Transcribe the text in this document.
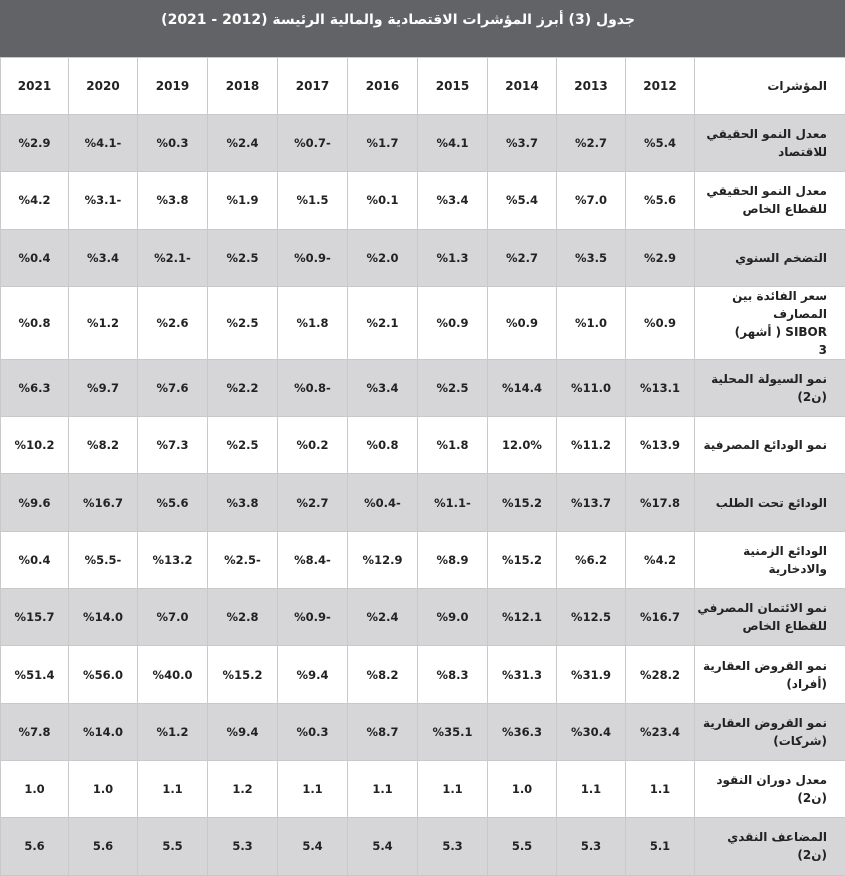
جدول (3) أبرز المؤشرات الاقتصادية والمالية الرئيسة (2012 - 2021)
2021	2020	2019	2018	2017	2016	2015	2014	2013	2012	المؤشرات
%2.9	%4.1-	%0.3	%2.4	%0.7-	%1.7	%4.1	%3.7	%2.7	%5.4	معدل النمو الحقيقي
للاقتصاد
%4.2	%3.1-	%3.8	%1.9	%1.5	%0.1	%3.4	%5.4	%7.0	%5.6	معدل النمو الحقيقي
للقطاع الخاص
%0.4	%3.4	%2.1-	%2.5	%0.9-	%2.0	%1.3	%2.7	%3.5	%2.9	التضخم السنوي
%0.8	%1.2	%2.6	%2.5	%1.8	%2.1	%0.9	%0.9	%1.0	%0.9	سعر الفائدة بين المصارف
SIBOR ( أشهر)
3
%6.3	%9.7	%7.6	%2.2	%0.8-	%3.4	%2.5	%14.4	%11.0	%13.1	نمو السيولة المحلية (ن2)
%10.2	%8.2	%7.3	%2.5	%0.2	%0.8	%1.8	12.0%	%11.2	%13.9	نمو الودائع المصرفية
%9.6	%16.7	%5.6	%3.8	%2.7	%0.4-	%1.1-	%15.2	%13.7	%17.8	الودائع تحت الطلب
%0.4	%5.5-	%13.2	%2.5-	%8.4-	%12.9	%8.9	%15.2	%6.2	%4.2	الودائع الزمنية والادخارية
%15.7	%14.0	%7.0	%2.8	%0.9-	%2.4	%9.0	%12.1	%12.5	%16.7	نمو الائتمان المصرفي
للقطاع الخاص
%51.4	%56.0	%40.0	%15.2	%9.4	%8.2	%8.3	%31.3	%31.9	%28.2	نمو القروض العقارية
(أفراد)
%7.8	%14.0	%1.2	%9.4	%0.3	%8.7	%35.1	%36.3	%30.4	%23.4	نمو القروض العقارية
(شركات)
1.0	1.0	1.1	1.2	1.1	1.1	1.1	1.0	1.1	1.1	معدل دوران النقود (ن2)
5.6	5.6	5.5	5.3	5.4	5.4	5.3	5.5	5.3	5.1	المضاعف النقدي (ن2)
